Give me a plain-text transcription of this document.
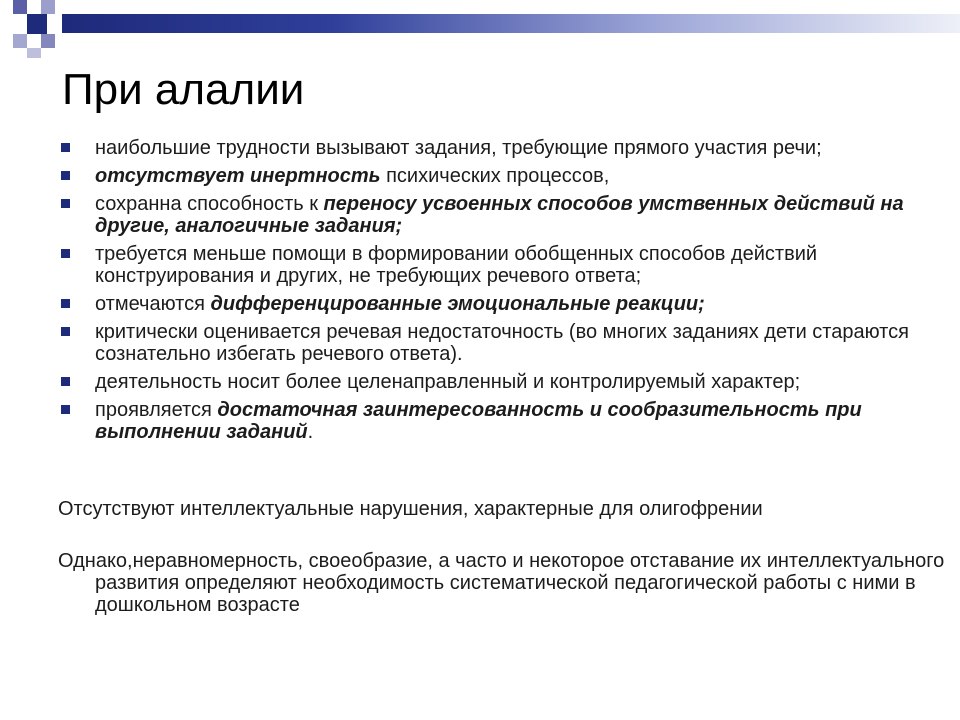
При алалии
наибольшие трудности вызывают задания, требующие прямого участия речи;
отсутствует инертность психических процессов,
сохранна способность к переносу усвоенных способов умственных действий на другие, аналогичные задания;
требуется меньше помощи в формировании обобщенных способов действий конструирования и других, не требующих речевого ответа;
отмечаются дифференцированные эмоциональные реакции;
критически оценивается речевая недостаточность (во многих заданиях дети стараются сознательно избегать речевого ответа).
деятельность носит более целенаправленный и контролируемый характер;
проявляется достаточная заинтересованность и сообразительность при выполнении заданий.

Отсутствуют интеллектуальные нарушения, характерные для олигофрении

Однако,неравномерность, своеобразие, а часто и некоторое отставание их интеллектуального развития определяют необходимость систематической педагогической работы с ними в дошкольном возрасте
